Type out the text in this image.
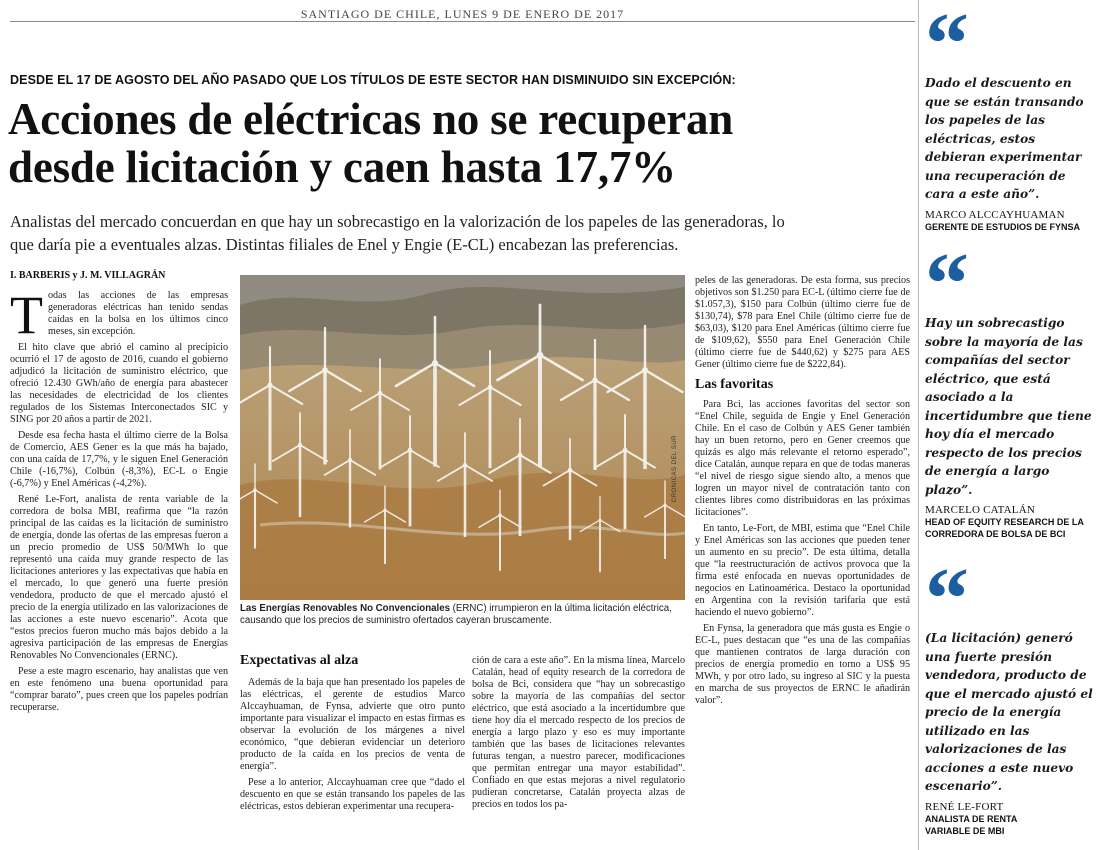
SANTIAGO DE CHILE, LUNES 9 DE ENERO DE 2017
DESDE EL 17 DE AGOSTO DEL AÑO PASADO QUE LOS TÍTULOS DE ESTE SECTOR HAN DISMINUIDO SIN EXCEPCIÓN:
Acciones de eléctricas no se recuperan
desde licitación y caen hasta 17,7%
Analistas del mercado concuerdan en que hay un sobrecastigo en la valorización de los papeles de las generadoras, lo
que daría pie a eventuales alzas. Distintas filiales de Enel y Engie (E-CL) encabezan las preferencias.
I. BARBERIS y J. M. VILLAGRÁN

Todas las acciones de las empresas generadoras eléctricas han tenido sendas caídas en la bolsa en los últimos cinco meses, sin excepción.

El hito clave que abrió el camino al precipicio ocurrió el 17 de agosto de 2016, cuando el gobierno adjudicó la licitación de suministro eléctrico, que ofreció 12.430 GWh/año de energía para abastecer las necesidades de electricidad de los clientes regulados de los Sistemas Interconectados SIC y SING por 20 años a partir de 2021.

Desde esa fecha hasta el último cierre de la Bolsa de Comercio, AES Gener es la que más ha bajado, con una caída de 17,7%, y le siguen Enel Generación Chile (-16,7%), Colbún (-8,3%), EC-L o Engie (-6,7%) y Enel Américas (-4,2%).

René Le-Fort, analista de renta variable de la corredora de bolsa MBI, reafirma que “la razón principal de las caídas es la licitación de suministro de energía, donde las ofertas de las empresas fueron a un precio promedio de US$ 50/MWh lo que representó una caída muy grande respecto de las licitaciones anteriores y las expectativas que había en el mercado, lo que generó una fuerte presión vendedora, producto de que el mercado ajustó el precio de la energía utilizado en las valorizaciones de las acciones a este nuevo escenario”. Acota que “estos precios fueron mucho más bajos debido a la agresiva participación de las empresas de Energías Renovables No Convencionales (ERNC).

Pese a este magro escenario, hay analistas que ven en este fenómeno una buena oportunidad para “comprar barato”, pues creen que los papeles podrían recuperarse.

CRÓNICAS DEL SUR
Las Energías Renovables No Convencionales (ERNC) irrumpieron en la última licitación eléctrica, causando que los precios de suministro ofertados cayeran bruscamente.
Expectativas al alza

Además de la baja que han presentado los papeles de las eléctricas, el gerente de estudios Marco Alccayhuaman, de Fynsa, advierte que otro punto importante para visualizar el impacto en estas firmas es observar la evolución de los márgenes a nivel económico, “que debieran evidenciar un deterioro producto de la caída en los precios de venta de energía”.

Pese a lo anterior, Alccayhuaman cree que “dado el descuento en que se están transando los papeles de las eléctricas, estos debieran experimentar una recupera-

ción de cara a este año”. En la misma línea, Marcelo Catalán, head of equity research de la corredora de bolsa de Bci, considera que “hay un sobrecastigo sobre la mayoría de las compañías del sector eléctrico, que está asociado a la incertidumbre que tiene hoy día el mercado respecto de los precios de energía a largo plazo y eso es muy importante también que las bases de licitaciones relevantes futuras tengan, a nuestro parecer, modificaciones que permitan entregar una mayor estabilidad”. Confiado en que estas mejoras a nivel regulatorio pudieran concretarse, Catalán proyecta alzas de precios en todos los pa-

peles de las generadoras. De esta forma, sus precios objetivos son $1.250 para EC-L (último cierre fue de $1.057,3), $150 para Colbún (último cierre fue de $130,74), $78 para Enel Chile (último cierre fue de $63,03), $120 para Enel Américas (último cierre fue de $109,62), $550 para Enel Generación Chile (último cierre fue de $440,62) y $275 para AES Gener (último cierre fue de $222,84).

Las favoritas

Para Bci, las acciones favoritas del sector son “Enel Chile, seguida de Engie y Enel Generación Chile. En el caso de Colbún y AES Gener también hay un buen retorno, pero en Gener creemos que quizás es algo más relevante el retorno esperado”, dice Catalán, aunque repara en que de todas maneras “el nivel de riesgo sigue siendo alto, a menos que logren un mayor nivel de contratación tanto con clientes libres como distribuidoras en las próximas licitaciones”.

En tanto, Le-Fort, de MBI, estima que “Enel Chile y Enel Américas son las acciones que pueden tener un aumento en su precio”. De esta última, detalla que “la reestructuración de activos provoca que la firma esté enfocada en nuevas oportunidades de negocios en Latinoamérica. Destaco la oportunidad en Argentina con la revisión tarifaria que está haciendo el nuevo gobierno”.

En Fynsa, la generadora que más gusta es Engie o EC-L, pues destacan que “es una de las compañías que mantienen contratos de larga duración con precios de energía promedio en torno a US$ 95 MWh, y por otro lado, su ingreso al SIC y la puesta en marcha de sus proyectos de ERNC le añadirán valor”.

“
Dado el descuento en que se están transando los papeles de las eléctricas, estos debieran experimentar una recuperación de cara a este año”.
MARCO ALCCAYHUAMAN
GERENTE DE ESTUDIOS DE FYNSA
“
Hay un sobrecastigo sobre la mayoría de las compañías del sector eléctrico, que está asociado a la incertidumbre que tiene hoy día el mercado respecto de los precios de energía a largo plazo”.
MARCELO CATALÁN
HEAD OF EQUITY RESEARCH DE LA
CORREDORA DE BOLSA DE BCI
“
(La licitación) generó una fuerte presión vendedora, producto de que el mercado ajustó el precio de la energía utilizado en las valorizaciones de las acciones a este nuevo escenario”.
RENÉ LE-FORT
ANALISTA DE RENTA
VARIABLE DE MBI
